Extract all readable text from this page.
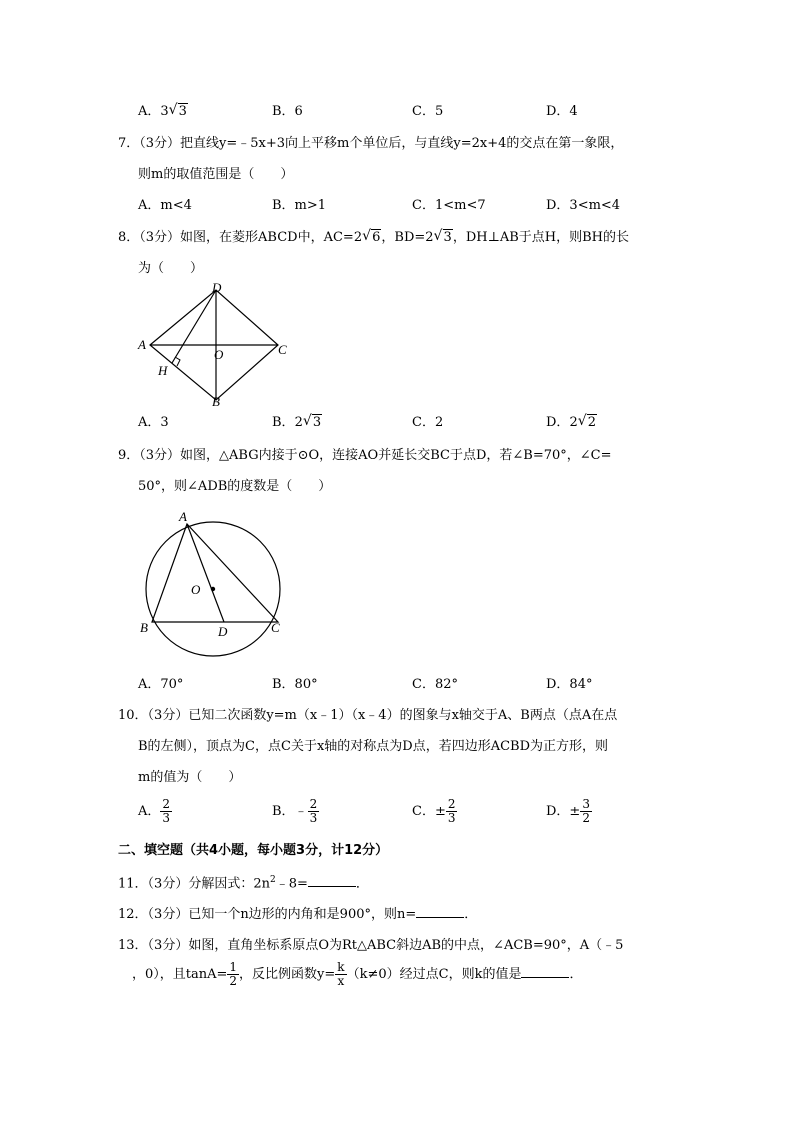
A．3 √ 3	B．6	C．5	D．4
7．（3分）把直线y=﹣5x+3向上平移m个单位后，与直线y=2x+4的交点在第一象限，
则m的取值范围是（　　）
A．m<4	B．m>1	C．1<m<7	D．3<m<4
8．（3分）如图，在菱形ABCD中，AC=2 √ 6，BD=2 √ 3，DH⊥AB于点H，则BH的长
为（　　）
D
A
O	C
H
B
A．3	B．2 √ 3	C．2	D．2 √ 2
9．（3分）如图，△ABG内接于⊙O，连接AO并延长交BC于点D，若∠B=70°，∠C=
50°，则∠ADB的度数是（　　）
A
O
B	D	C
A．70°	B．80°	C．82°	D．84°
10．（3分）已知二次函数y=m（x﹣1）（x﹣4）的图象与x轴交于A、B两点（点A在点
B的左侧），顶点为C，点C关于x轴的对称点为D点，若四边形ACBD为正方形，则
m的值为（　　）
A． $\frac{2}{3}$	B．﹣ $\frac{2}{3}$	C．± $\frac{2}{3}$	D．± $\frac{3}{2}$
二、填空题（共4小题，每小题3分，计12分）
11．（3分）分解因式：$2n^2﹣8=$	．
12．（3分）已知一个n边形的内角和是900°，则n=	．
13．（3分）如图，直角坐标系原点O为Rt△ABC斜边AB的中点，∠ACB=90°，A（﹣5
，0），且$\tan A= \frac{1}{2}$ ，反比例函数$y= \frac{k}{x} (k\ne 0)$经过点C，则k的值是	．
